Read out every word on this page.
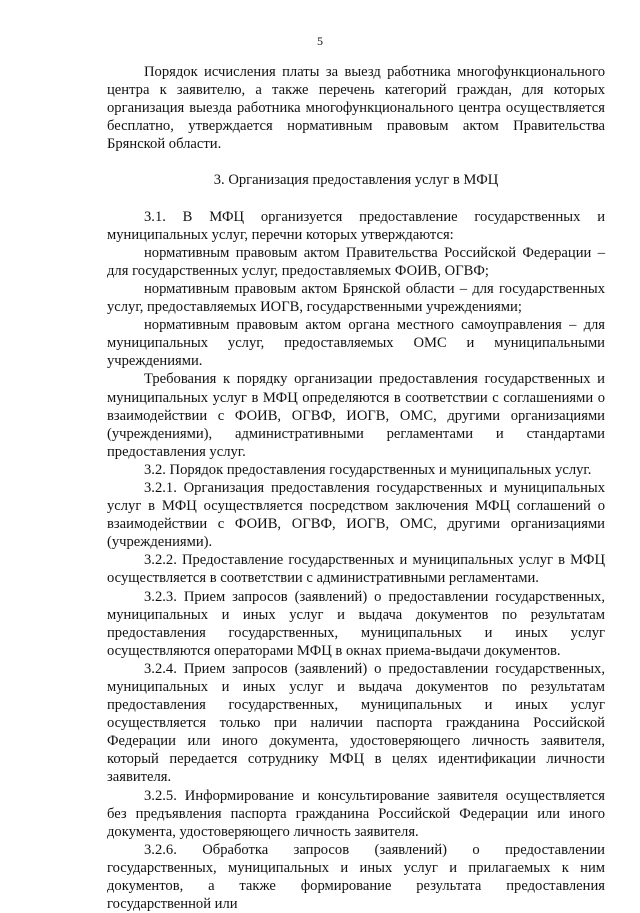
5

Порядок исчисления платы за выезд работника многофункционального центра к заявителю, а также перечень категорий граждан, для которых организация выезда работника многофункционального центра осуществляется бесплатно, утверждается нормативным правовым актом Правительства Брянской области.

3. Организация предоставления услуг в МФЦ

3.1. В МФЦ организуется предоставление государственных и муниципальных услуг, перечни которых утверждаются:

нормативным правовым актом Правительства Российской Федерации – для государственных услуг, предоставляемых ФОИВ, ОГВФ;

нормативным правовым актом Брянской области – для государственных услуг, предоставляемых ИОГВ, государственными учреждениями;

нормативным правовым актом органа местного самоуправления – для муниципальных услуг, предоставляемых ОМС и муниципальными учреждениями.

Требования к порядку организации предоставления государственных и муниципальных услуг в МФЦ определяются в соответствии с соглашениями о взаимодействии с ФОИВ, ОГВФ, ИОГВ, ОМС, другими организациями (учреждениями), административными регламентами и стандартами предоставления услуг.

3.2. Порядок предоставления государственных и муниципальных услуг.

3.2.1. Организация предоставления государственных и муниципальных услуг в МФЦ осуществляется посредством заключения МФЦ соглашений о взаимодействии с ФОИВ, ОГВФ, ИОГВ, ОМС, другими организациями (учреждениями).

3.2.2. Предоставление государственных и муниципальных услуг в МФЦ осуществляется в соответствии с административными регламентами.

3.2.3. Прием запросов (заявлений) о предоставлении государственных, муниципальных и иных услуг и выдача документов по результатам предоставления государственных, муниципальных и иных услуг осуществляются операторами МФЦ в окнах приема-выдачи документов.

3.2.4. Прием запросов (заявлений) о предоставлении государственных, муниципальных и иных услуг и выдача документов по результатам предоставления государственных, муниципальных и иных услуг осуществляется только при наличии паспорта гражданина Российской Федерации или иного документа, удостоверяющего личность заявителя, который передается сотруднику МФЦ в целях идентификации личности заявителя.

3.2.5. Информирование и консультирование заявителя осуществляется без предъявления паспорта гражданина Российской Федерации или иного документа, удостоверяющего личность заявителя.

3.2.6. Обработка запросов (заявлений) о предоставлении государственных, муниципальных и иных услуг и прилагаемых к ним документов, а также формирование результата предоставления государственной или
